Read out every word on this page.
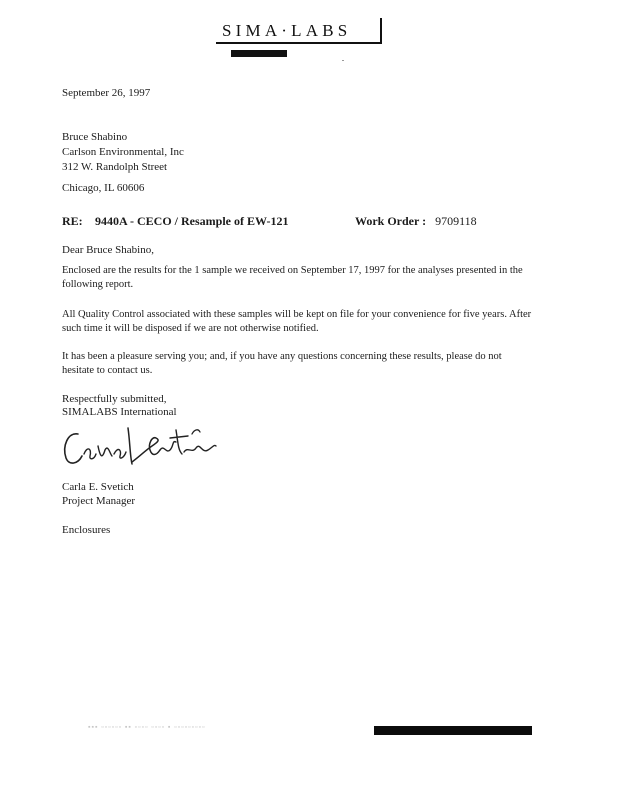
SIMA·LABS
September 26, 1997
Bruce Shabino
Carlson Environmental, Inc
312 W. Randolph Street
Chicago, IL 60606
RE: 9440A - CECO / Resample of EW-121	Work Order : 9709118
Dear Bruce Shabino,
Enclosed are the results for the 1 sample we received on September 17, 1997 for the analyses presented in the following report.
All Quality Control associated with these samples will be kept on file for your convenience for five years. After such time it will be disposed if we are not otherwise notified.
It has been a pleasure serving you; and, if you have any questions concerning these results, please do not hesitate to contact us.
Respectfully submitted,
SIMALABS International
Carla E. Svetich
Project Manager
Enclosures
▪▪▪ ▫▫▫▫▫▫ ▪▪ ▫▫▫▫ ▫▫▫▫ ▪ ▫▫▫▫▫▫▫▫▫
